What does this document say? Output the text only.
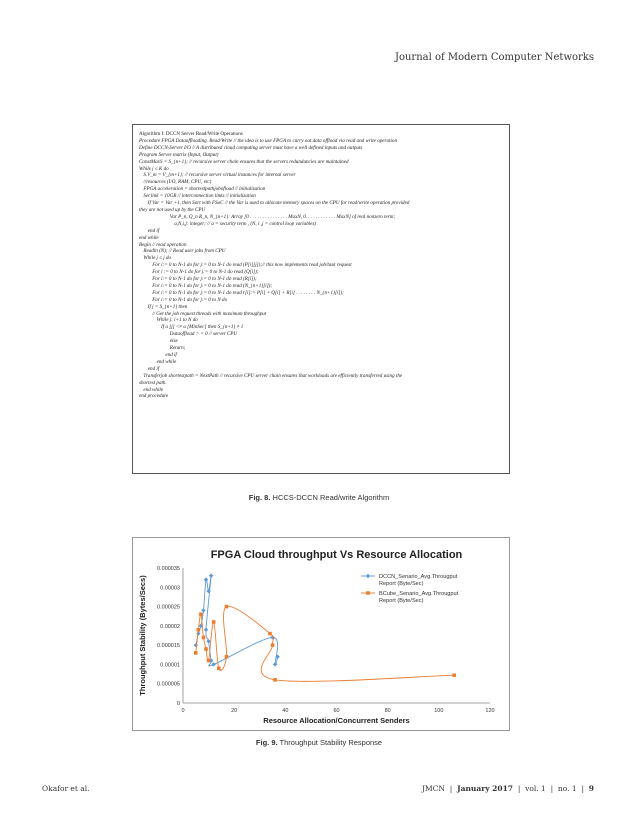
Journal of Modern Computer Networks
Algorithm I: DCCN Server Read/Write Operations
Procedure FPGA Dataoffloading. Read/Write // the idea is to use FPGA to carry out data offload via read and write operation
Define DCCN-Server I/O // A distributed cloud computing server must have a well defined inputs and outputs
Program Server matrix (Input, Output)
ConstMaxS = S_{n+1}; // recursive server chain ensures that the servers redundancies are maintained
While j ≤ K do
S.V_m = V_{m+1}; // recursive server virtual instances for internal server
//resources (I/O, RAM, CPU, etc)
FPGA acceleration = shortestpathjobofload // initialization
Set link = 10GB // interconnection links // initialization
If Var = Var +1, then Sort with FSoC // the Var is used to allocate memory spaces on the CPU for read/write operation provided
they are not used up by the CPU
Var P_n, Q_n R_n, N_{n+1}: Array [0 . . . . . . . . . . . . . . . MaxN, 0. . . . . . . . . . . . MaxN] of real nonzero term;
a,N,i,j: integer; // a = security term , (N, i ,j = control loop variables)
end if
end while
Begin // read operation
Readln (N); // Read user jobs from CPU
While j ≤ j do
For i:= 0 to N-1 do for j:= 0 to N-1 do read (P[i][j]);// this now implements read job/task request
For i := 0 to N-1 do for j:= 0 to N-1 do read (Q[i]);
For i:= 0 to N-1 do for j:= 0 to N-1 do read (R[i]);
For i:= 0 to N-1 do for j:= 0 to N-1 do read (N_{n+1}[i]);
For i:= 0 to N-1 do for j:= 0 to N-1 do read r[i]:= P[i] + Q[i] + R[i] . . . . . . . . N_{n+1}[i]);
For i:= 0 to N-1 do for j:= 0 to N do
If j = S_{n+1} then
// Get the job request threads with maximum throughput
While j: i+1 to N do
If a [j] <≠ a [MinSec] then S_{n+1} ≠ 1
Dataoffload > = 0 // server CPU
else
Return;
end if
end while
end if
Transferjob shortestpath = NextPath // recursive CPU server chain ensures that workloads are efficiently transferred using the
shortest path.
end while
end procedure
Fig. 8. HCCS-DCCN Read/write Algorithm
FPGA Cloud throughput Vs Resource Allocation
0
0.000005
0.00001
0.000015
0.00002
0.000025
0.00003
0.000035
0	20	40	60	80	100	120
Resource Allocation/Concurrent Senders
Throughput Stability (Bytes/Secs)	DCCN_Senario_Avg.Througput
Report (Byte/Sec)
BCube_Senario_Avg.Througput
Report (Byte/Sec)
Fig. 9. Throughput Stability Response
Okafor et al.	JMCN | January 2017 | vol. 1 | no. 1 | 9
